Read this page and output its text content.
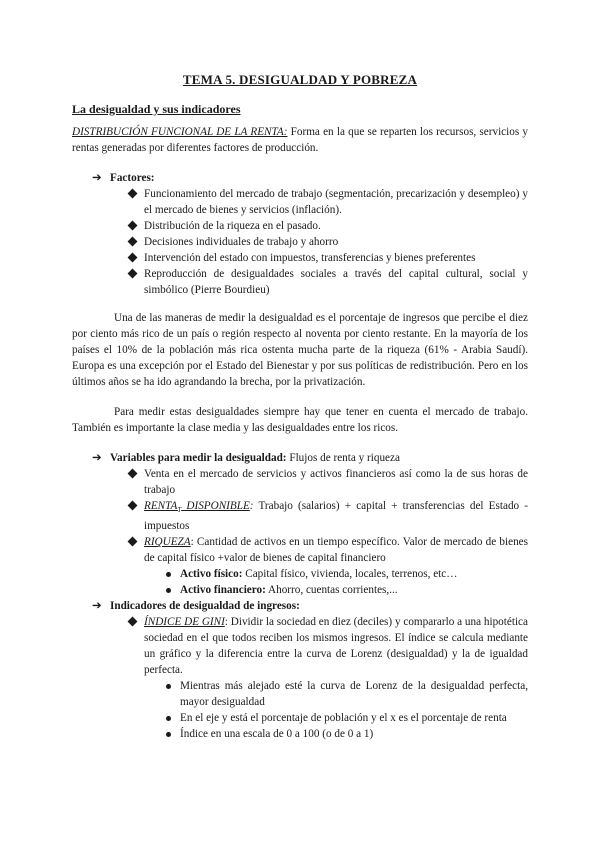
TEMA 5. DESIGUALDAD Y POBREZA
La desigualdad y sus indicadores

DISTRIBUCIÓN FUNCIONAL DE LA RENTA: Forma en la que se reparten los recursos, servicios y rentas generadas por diferentes factores de producción.

➔ Factores:
Funcionamiento del mercado de trabajo (segmentación, precarización y desempleo) y el mercado de bienes y servicios (inflación).
Distribución de la riqueza en el pasado.
Decisiones individuales de trabajo y ahorro
Intervención del estado con impuestos, transferencias y bienes preferentes
Reproducción de desigualdades sociales a través del capital cultural, social y simbólico (Pierre Bourdieu)

Una de las maneras de medir la desigualdad es el porcentaje de ingresos que percibe el diez por ciento más rico de un país o región respecto al noventa por ciento restante. En la mayoría de los países el 10% de la población más rica ostenta mucha parte de la riqueza (61% - Arabia Saudí). Europa es una excepción por el Estado del Bienestar y por sus políticas de redistribución. Pero en los últimos años se ha ido agrandando la brecha, por la privatización.

Para medir estas desigualdades siempre hay que tener en cuenta el mercado de trabajo. También es importante la clase media y las desigualdades entre los ricos.

➔ Variables para medir la desigualdad: Flujos de renta y riqueza
Venta en el mercado de servicios y activos financieros así como la de sus horas de trabajo
$RENTA_T$ DISPONIBLE: Trabajo (salarios) + capital + transferencias del Estado - impuestos
RIQUEZA: Cantidad de activos en un tiempo específico. Valor de mercado de bienes de capital físico +valor de bienes de capital financiero
Activo físico: Capital físico, vivienda, locales, terrenos, etc…
Activo financiero: Ahorro, cuentas corrientes,...
➔ Indicadores de desigualdad de ingresos:
ÍNDICE DE GINI: Dividir la sociedad en diez (deciles) y compararlo a una hipotética sociedad en el que todos reciben los mismos ingresos. El índice se calcula mediante un gráfico y la diferencia entre la curva de Lorenz (desigualdad) y la de igualdad perfecta.
Mientras más alejado esté la curva de Lorenz de la desigualdad perfecta, mayor desigualdad
En el eje y está el porcentaje de población y el x es el porcentaje de renta
Índice en una escala de 0 a 100 (o de 0 a 1)
